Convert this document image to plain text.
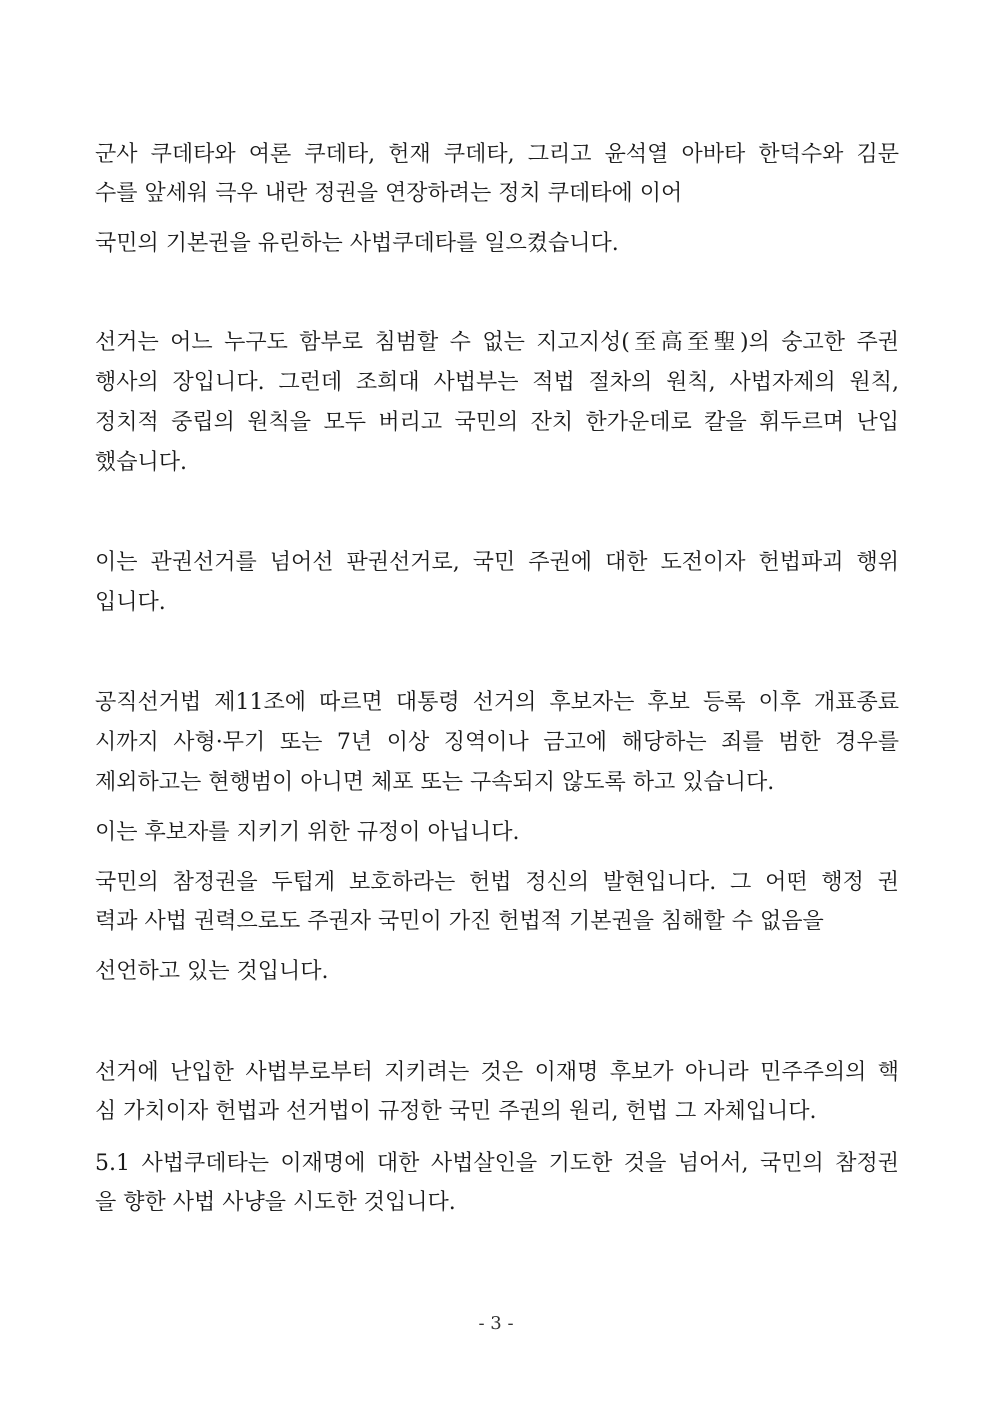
군사 쿠데타와 여론 쿠데타, 헌재 쿠데타, 그리고 윤석열 아바타 한덕수와 김문
수를 앞세워 극우 내란 정권을 연장하려는 정치 쿠데타에 이어
국민의 기본권을 유린하는 사법쿠데타를 일으켰습니다.
선거는 어느 누구도 함부로 침범할 수 없는 지고지성(至高至聖)의 숭고한 주권
행사의 장입니다. 그런데 조희대 사법부는 적법 절차의 원칙, 사법자제의 원칙,
정치적 중립의 원칙을 모두 버리고 국민의 잔치 한가운데로 칼을 휘두르며 난입
했습니다.
이는 관권선거를 넘어선 판권선거로, 국민 주권에 대한 도전이자 헌법파괴 행위
입니다.
공직선거법 제11조에 따르면 대통령 선거의 후보자는 후보 등록 이후 개표종료
시까지 사형·무기 또는 7년 이상 징역이나 금고에 해당하는 죄를 범한 경우를
제외하고는 현행범이 아니면 체포 또는 구속되지 않도록 하고 있습니다.
이는 후보자를 지키기 위한 규정이 아닙니다.
국민의 참정권을 두텁게 보호하라는 헌법 정신의 발현입니다. 그 어떤 행정 권
력과 사법 권력으로도 주권자 국민이 가진 헌법적 기본권을 침해할 수 없음을
선언하고 있는 것입니다.
선거에 난입한 사법부로부터 지키려는 것은 이재명 후보가 아니라 민주주의의 핵
심 가치이자 헌법과 선거법이 규정한 국민 주권의 원리, 헌법 그 자체입니다.
5.1 사법쿠데타는 이재명에 대한 사법살인을 기도한 것을 넘어서, 국민의 참정권
을 향한 사법 사냥을 시도한 것입니다.
- 3 -
